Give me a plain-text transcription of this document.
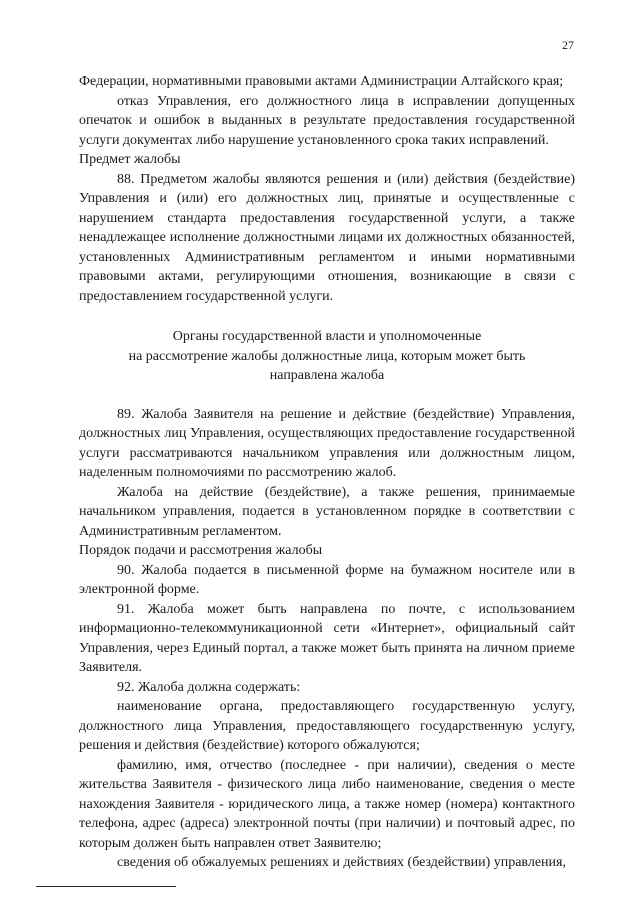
27

Федерации, нормативными правовыми актами Администрации Алтайского края;

отказ Управления, его должностного лица в исправлении допущенных опечаток и ошибок в выданных в результате предоставления государственной услуги документах либо нарушение установленного срока таких исправлений.

Предмет жалобы

88. Предметом жалобы являются решения и (или) действия (бездействие) Управления и (или) его должностных лиц, принятые и осуществленные с нарушением стандарта предоставления государственной услуги, а также ненадлежащее исполнение должностными лицами их должностных обязанностей, установленных Административным регламентом и иными нормативными правовыми актами, регулирующими отношения, возникающие в связи с предоставлением государственной услуги.

Органы государственной власти и уполномоченные
на рассмотрение жалобы должностные лица, которым может быть
направлена жалоба

89. Жалоба Заявителя на решение и действие (бездействие) Управления, должностных лиц Управления, осуществляющих предоставление государственной услуги рассматриваются начальником управления или должностным лицом, наделенным полномочиями по рассмотрению жалоб.

Жалоба на действие (бездействие), а также решения, принимаемые начальником управления, подается в установленном порядке в соответствии с Административным регламентом.

Порядок подачи и рассмотрения жалобы

90. Жалоба подается в письменной форме на бумажном носителе или в электронной форме.

91. Жалоба может быть направлена по почте, с использованием информационно-телекоммуникационной сети «Интернет», официальный сайт Управления, через Единый портал, а также может быть принята на личном приеме Заявителя.

92. Жалоба должна содержать:

наименование органа, предоставляющего государственную услугу, должностного лица Управления, предоставляющего государственную услугу, решения и действия (бездействие) которого обжалуются;

фамилию, имя, отчество (последнее - при наличии), сведения о месте жительства Заявителя - физического лица либо наименование, сведения о месте нахождения Заявителя - юридического лица, а также номер (номера) контактного телефона, адрес (адреса) электронной почты (при наличии) и почтовый адрес, по которым должен быть направлен ответ Заявителю;

сведения об обжалуемых решениях и действиях (бездействии) управления,
